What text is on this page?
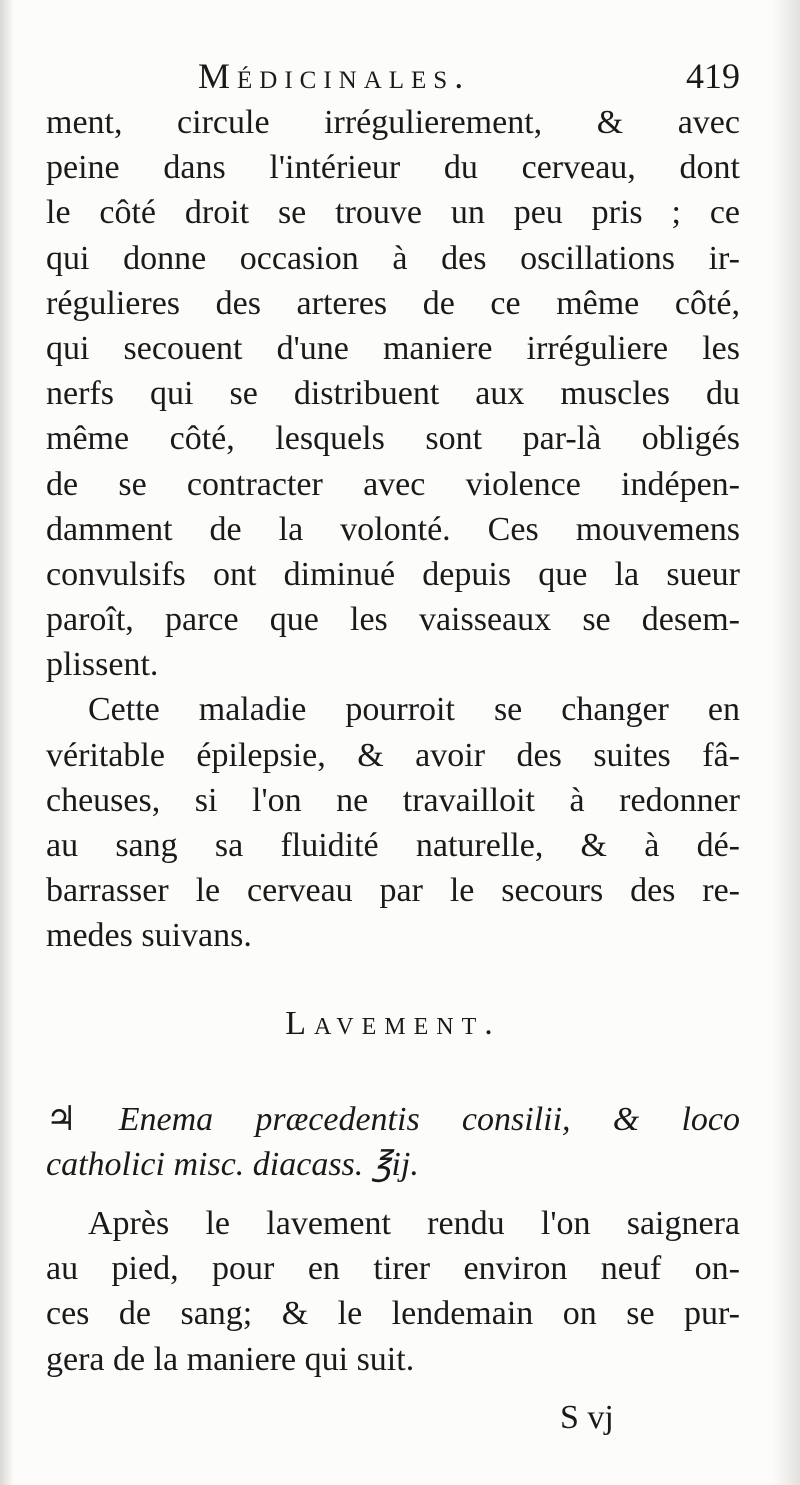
Médicinales.	419
ment, circule irrégulierement, & avec
peine dans l'intérieur du cerveau, dont
le côté droit se trouve un peu pris ; ce
qui donne occasion à des oscillations ir-
régulieres des arteres de ce même côté,
qui secouent d'une maniere irréguliere les
nerfs qui se distribuent aux muscles du
même côté, lesquels sont par-là obligés
de se contracter avec violence indépen-
damment de la volonté. Ces mouvemens
convulsifs ont diminué depuis que la sueur
paroît, parce que les vaisseaux se desem-
plissent.
Cette maladie pourroit se changer en
véritable épilepsie, & avoir des suites fâ-
cheuses, si l'on ne travailloit à redonner
au sang sa fluidité naturelle, & à dé-
barrasser le cerveau par le secours des re-
medes suivans.
Lavement.
♃ Enema præcedentis consilii, & loco
catholici misc. diacass. ℥ij.
Après le lavement rendu l'on saignera
au pied, pour en tirer environ neuf on-
ces de sang; & le lendemain on se pur-
gera de la maniere qui suit.
S vj
